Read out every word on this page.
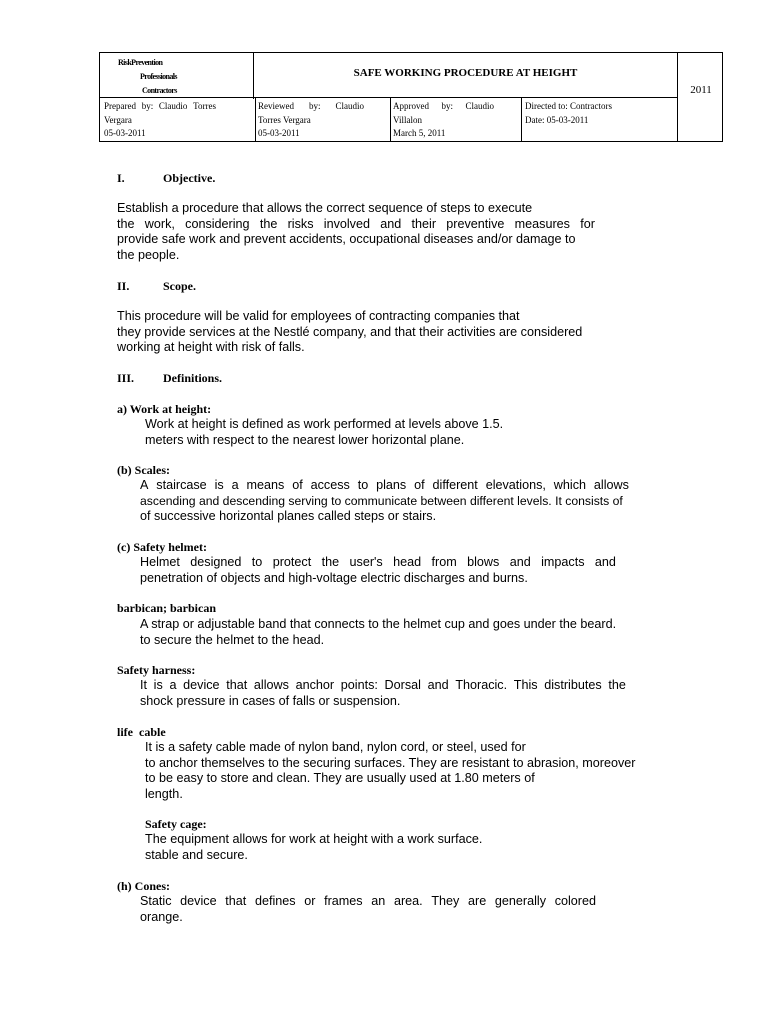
RiskPrevention
Professionals
Contractors
SAFE WORKING PROCEDURE AT HEIGHT
2011
Prepared by: Claudio Torres
Vergara
05-03-2011
Reviewed by: Claudio
Torres Vergara
05-03-2011
Approved by: Claudio
Villalon
March 5, 2011
Directed to: Contractors
Date: 05-03-2011
I.	Objective.
Establish a procedure that allows the correct sequence of steps to execute
the work, considering the risks involved and their preventive measures for
provide safe work and prevent accidents, occupational diseases and/or damage to
the people.
II.	Scope.
This procedure will be valid for employees of contracting companies that
they provide services at the Nestlé company, and that their activities are considered
working at height with risk of falls.
III. Definitions.
a) Work at height:
Work at height is defined as work performed at levels above 1.5.
meters with respect to the nearest lower horizontal plane.
(b) Scales:
A staircase is a means of access to plans of different elevations, which allows
ascending and descending serving to communicate between different levels. It consists of
of successive horizontal planes called steps or stairs.
(c) Safety helmet:
Helmet designed to protect the user's head from blows and impacts and
penetration of objects and high-voltage electric discharges and burns.
barbican; barbican
A strap or adjustable band that connects to the helmet cup and goes under the beard.
to secure the helmet to the head.
Safety harness:
It is a device that allows anchor points: Dorsal and Thoracic. This distributes the
shock pressure in cases of falls or suspension.
life  cable
It is a safety cable made of nylon band, nylon cord, or steel, used for
to anchor themselves to the securing surfaces. They are resistant to abrasion, moreover
to be easy to store and clean. They are usually used at 1.80 meters of
length.
Safety cage:
The equipment allows for work at height with a work surface.
stable and secure.
(h) Cones:
Static device that defines or frames an area. They are generally colored
orange.
